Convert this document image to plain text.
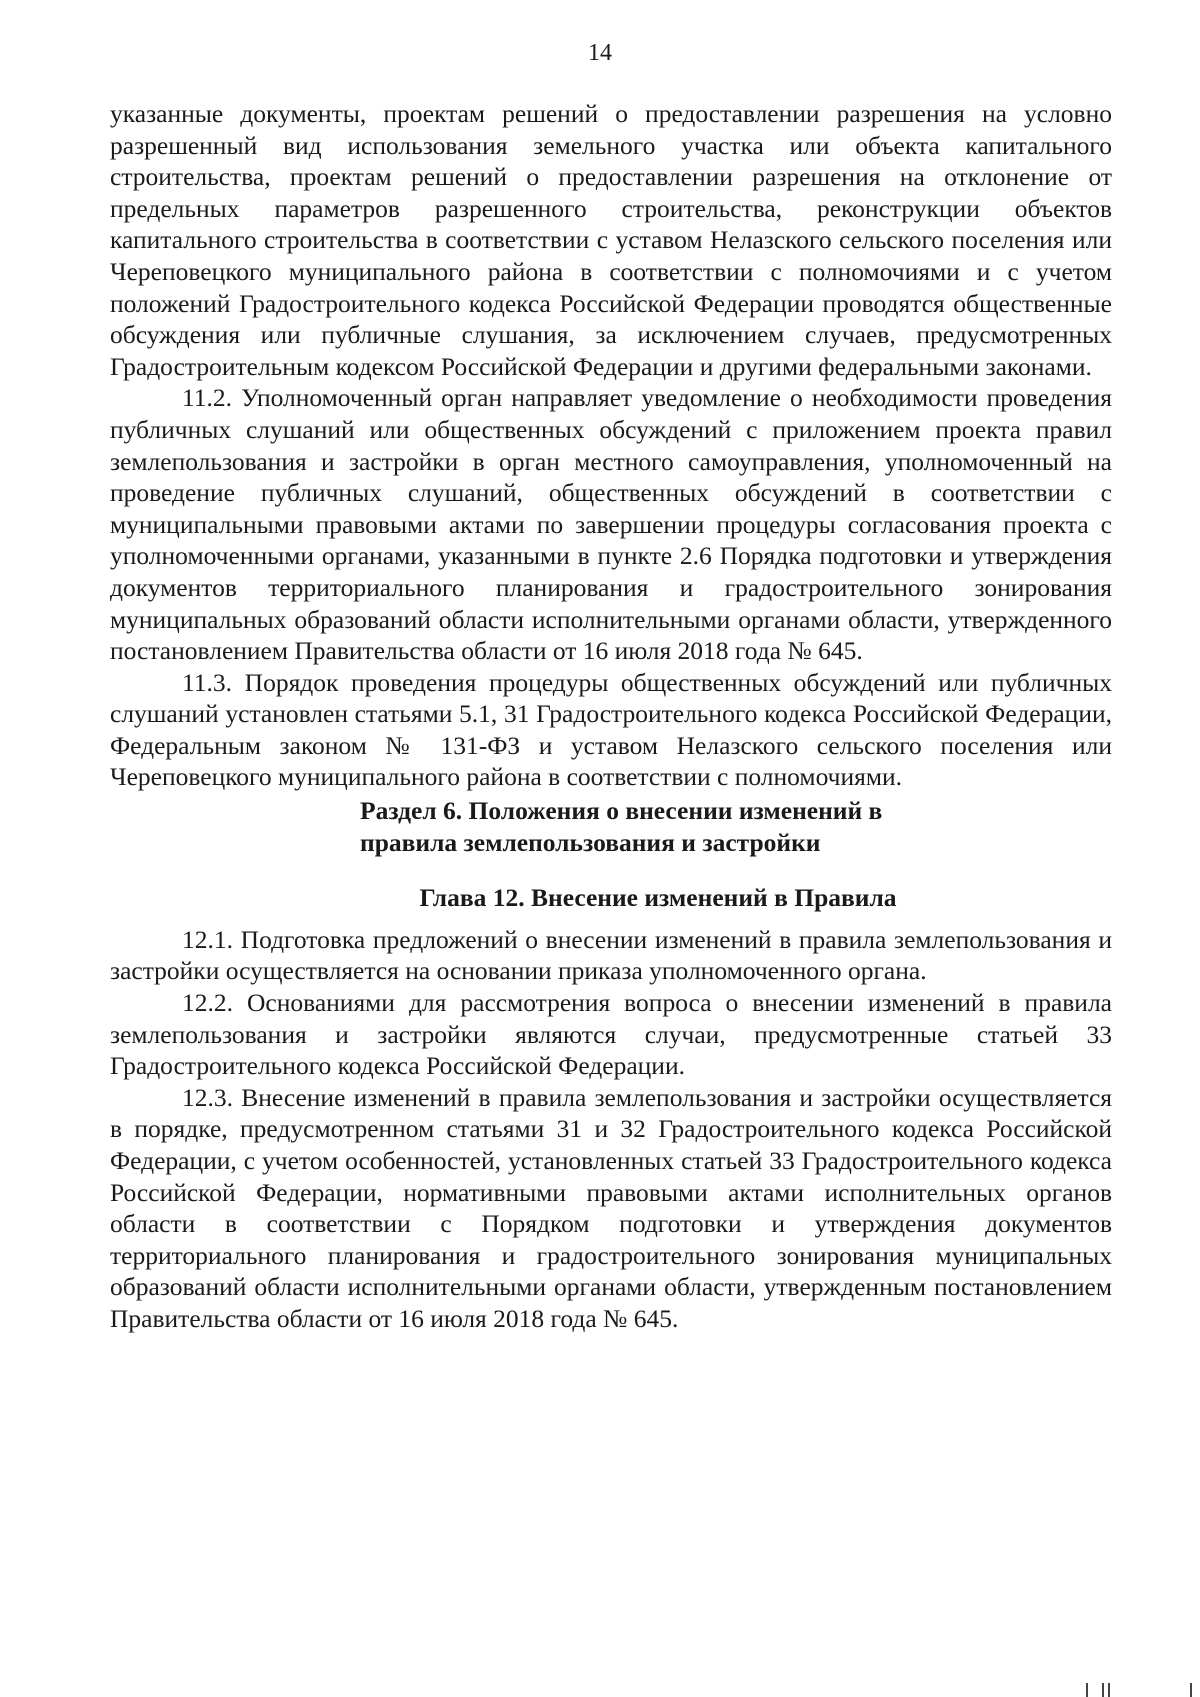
14

указанные документы, проектам решений о предоставлении разрешения на условно разрешенный вид использования земельного участка или объекта капитального строительства, проектам решений о предоставлении разрешения на отклонение от предельных параметров разрешенного строительства, реконструкции объектов капитального строительства в соответствии с уставом Нелазского сельского поселения или Череповецкого муниципального района в соответствии с полномочиями и с учетом положений Градостроительного кодекса Российской Федерации проводятся общественные обсуждения или публичные слушания, за исключением случаев, предусмотренных Градостроительным кодексом Российской Федерации и другими федеральными законами.

11.2. Уполномоченный орган направляет уведомление о необходимости проведения публичных слушаний или общественных обсуждений с приложением проекта правил землепользования и застройки в орган местного самоуправления, уполномоченный на проведение публичных слушаний, общественных обсуждений в соответствии с муниципальными правовыми актами по завершении процедуры согласования проекта с уполномоченными органами, указанными в пункте 2.6 Порядка подготовки и утверждения документов территориального планирования и градостроительного зонирования муниципальных образований области исполнительными органами области, утвержденного постановлением Правительства области от 16 июля 2018 года № 645.

11.3. Порядок проведения процедуры общественных обсуждений или публичных слушаний установлен статьями 5.1, 31 Градостроительного кодекса Российской Федерации, Федеральным законом № 131-ФЗ и уставом Нелазского сельского поселения или Череповецкого муниципального района в соответствии с полномочиями.

Раздел 6. Положения о внесении изменений в
правила землепользования и застройки
Глава 12. Внесение изменений в Правила

12.1. Подготовка предложений о внесении изменений в правила землепользования и застройки осуществляется на основании приказа уполномоченного органа.

12.2. Основаниями для рассмотрения вопроса о внесении изменений в правила землепользования и застройки являются случаи, предусмотренные статьей 33 Градостроительного кодекса Российской Федерации.

12.3. Внесение изменений в правила землепользования и застройки осуществляется в порядке, предусмотренном статьями 31 и 32 Градостроительного кодекса Российской Федерации, с учетом особенностей, установленных статьей 33 Градостроительного кодекса Российской Федерации, нормативными правовыми актами исполнительных органов области в соответствии с Порядком подготовки и утверждения документов территориального планирования и градостроительного зонирования муниципальных образований области исполнительными органами области, утвержденным постановлением Правительства области от 16 июля 2018 года № 645.
